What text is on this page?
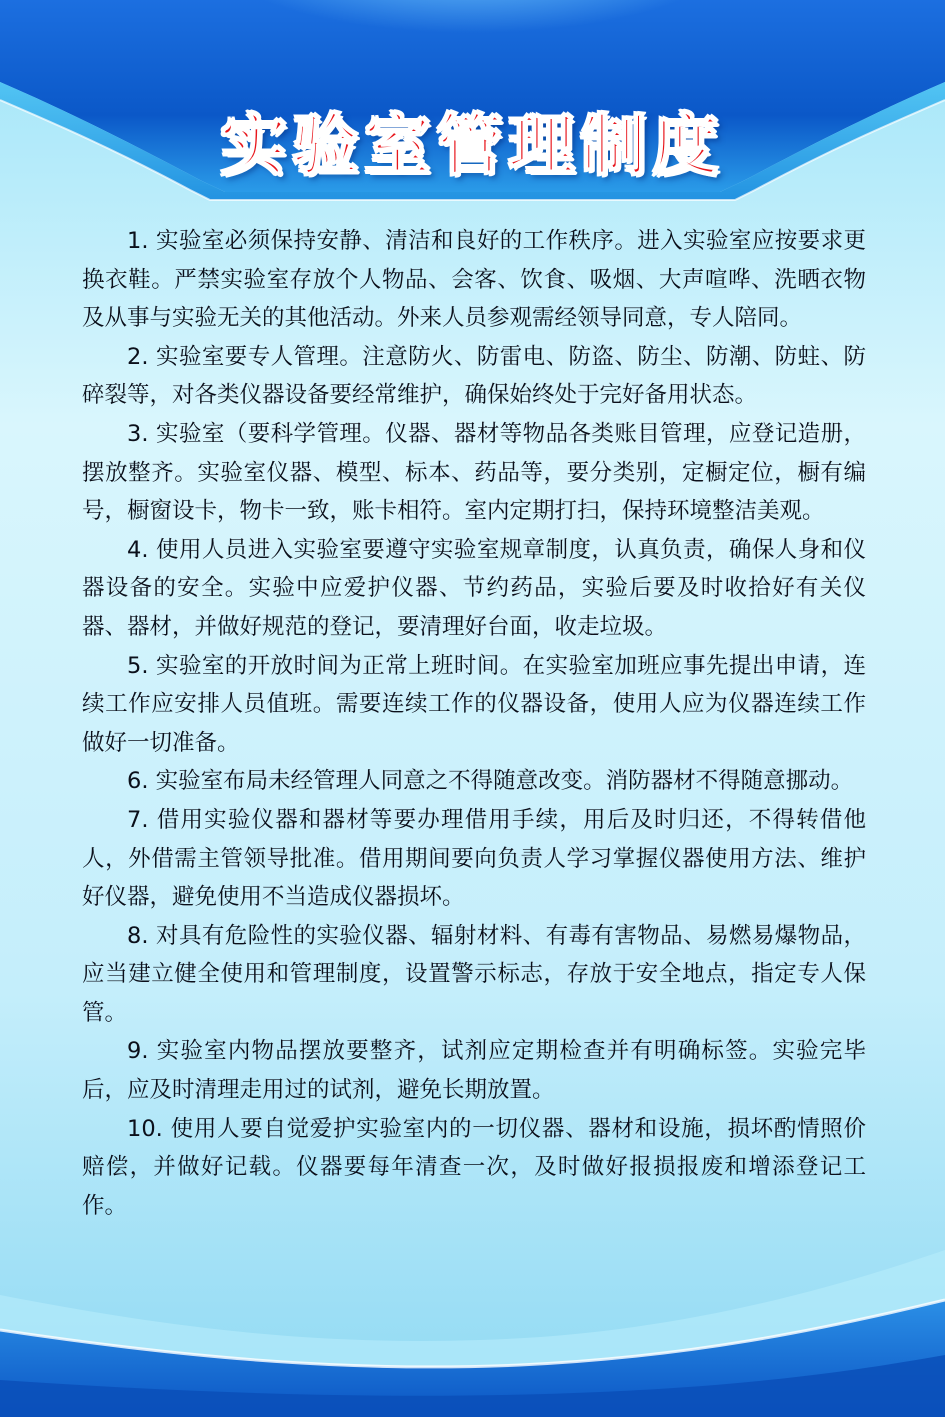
实验室管理制度

1. 实验室必须保持安静、清洁和良好的工作秩序。进入实验室应按要求更换衣鞋。严禁实验室存放个人物品、会客、饮食、吸烟、大声喧哗、洗晒衣物及从事与实验无关的其他活动。外来人员参观需经领导同意，专人陪同。

2. 实验室要专人管理。注意防火、防雷电、防盗、防尘、防潮、防蛀、防碎裂等，对各类仪器设备要经常维护，确保始终处于完好备用状态。

3. 实验室（要科学管理。仪器、器材等物品各类账目管理，应登记造册，摆放整齐。实验室仪器、模型、标本、药品等，要分类别，定橱定位，橱有编号，橱窗设卡，物卡一致，账卡相符。室内定期打扫，保持环境整洁美观。

4. 使用人员进入实验室要遵守实验室规章制度，认真负责，确保人身和仪器设备的安全。实验中应爱护仪器、节约药品，实验后要及时收拾好有关仪器、器材，并做好规范的登记，要清理好台面，收走垃圾。

5. 实验室的开放时间为正常上班时间。在实验室加班应事先提出申请，连续工作应安排人员值班。需要连续工作的仪器设备，使用人应为仪器连续工作做好一切准备。

6. 实验室布局未经管理人同意之不得随意改变。消防器材不得随意挪动。

7. 借用实验仪器和器材等要办理借用手续，用后及时归还，不得转借他人，外借需主管领导批准。借用期间要向负责人学习掌握仪器使用方法、维护好仪器，避免使用不当造成仪器损坏。

8. 对具有危险性的实验仪器、辐射材料、有毒有害物品、易燃易爆物品，应当建立健全使用和管理制度，设置警示标志，存放于安全地点，指定专人保管。

9. 实验室内物品摆放要整齐，试剂应定期检查并有明确标签。实验完毕后，应及时清理走用过的试剂，避免长期放置。

10. 使用人要自觉爱护实验室内的一切仪器、器材和设施，损坏酌情照价赔偿，并做好记载。仪器要每年清查一次，及时做好报损报废和增添登记工作。
